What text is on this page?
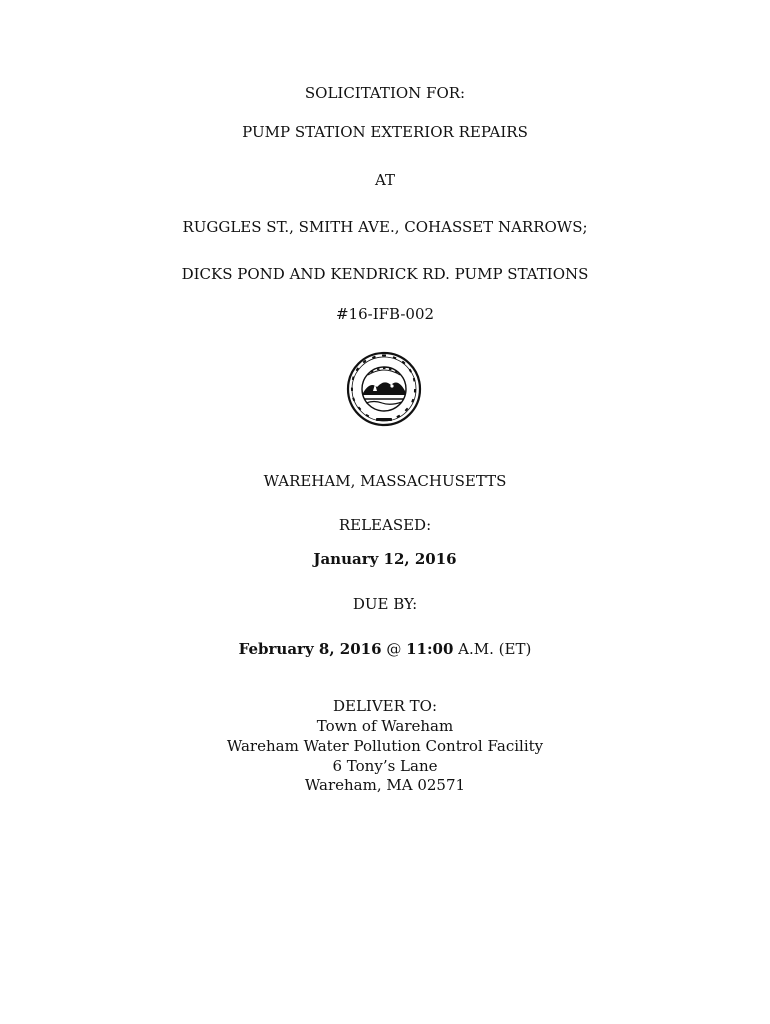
SOLICITATION FOR:
PUMP STATION EXTERIOR REPAIRS
AT
RUGGLES ST., SMITH AVE., COHASSET NARROWS;
DICKS POND AND KENDRICK RD. PUMP STATIONS
#16-IFB-002
WAREHAM, MASSACHUSETTS
RELEASED:
January 12, 2016
DUE BY:
February 8, 2016 @ 11:00 A.M. (ET)
DELIVER TO:
Town of Wareham
Wareham Water Pollution Control Facility
6 Tony’s Lane
Wareham, MA 02571
